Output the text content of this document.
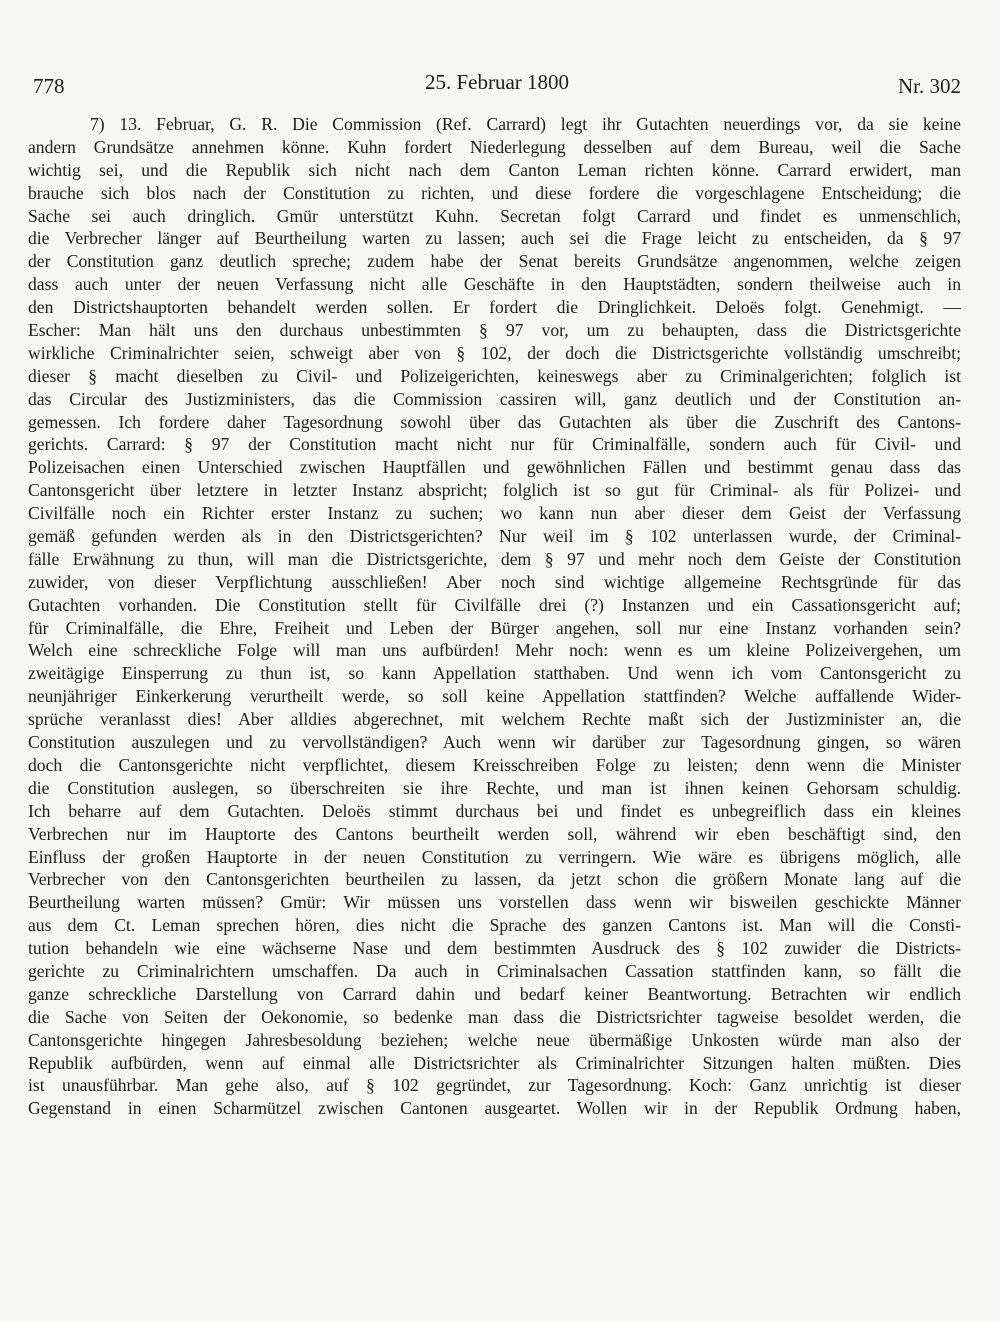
778	25. Februar 1800	Nr. 302
7) 13. Februar, G. R. Die Commission (Ref. Carrard) legt ihr Gutachten neuerdings vor, da sie keine
andern Grundsätze annehmen könne. Kuhn fordert Niederlegung desselben auf dem Bureau, weil die Sache
wichtig sei, und die Republik sich nicht nach dem Canton Leman richten könne. Carrard erwidert, man
brauche sich blos nach der Constitution zu richten, und diese fordere die vorgeschlagene Entscheidung; die
Sache sei auch dringlich. Gmür unterstützt Kuhn. Secretan folgt Carrard und findet es unmenschlich,
die Verbrecher länger auf Beurtheilung warten zu lassen; auch sei die Frage leicht zu entscheiden, da § 97
der Constitution ganz deutlich spreche; zudem habe der Senat bereits Grundsätze angenommen, welche zeigen
dass auch unter der neuen Verfassung nicht alle Geschäfte in den Hauptstädten, sondern theilweise auch in
den Districtshauptorten behandelt werden sollen. Er fordert die Dringlichkeit. Deloës folgt. Genehmigt. —
Escher: Man hält uns den durchaus unbestimmten § 97 vor, um zu behaupten, dass die Districtsgerichte
wirkliche Criminalrichter seien, schweigt aber von § 102, der doch die Districtsgerichte vollständig umschreibt;
dieser § macht dieselben zu Civil- und Polizeigerichten, keineswegs aber zu Criminalgerichten; folglich ist
das Circular des Justizministers, das die Commission cassiren will, ganz deutlich und der Constitution an-
gemessen. Ich fordere daher Tagesordnung sowohl über das Gutachten als über die Zuschrift des Cantons-
gerichts. Carrard: § 97 der Constitution macht nicht nur für Criminalfälle, sondern auch für Civil- und
Polizeisachen einen Unterschied zwischen Hauptfällen und gewöhnlichen Fällen und bestimmt genau dass das
Cantonsgericht über letztere in letzter Instanz abspricht; folglich ist so gut für Criminal- als für Polizei- und
Civilfälle noch ein Richter erster Instanz zu suchen; wo kann nun aber dieser dem Geist der Verfassung
gemäß gefunden werden als in den Districtsgerichten? Nur weil im § 102 unterlassen wurde, der Criminal-
fälle Erwähnung zu thun, will man die Districtsgerichte, dem § 97 und mehr noch dem Geiste der Constitution
zuwider, von dieser Verpflichtung ausschließen! Aber noch sind wichtige allgemeine Rechtsgründe für das
Gutachten vorhanden. Die Constitution stellt für Civilfälle drei (?) Instanzen und ein Cassationsgericht auf;
für Criminalfälle, die Ehre, Freiheit und Leben der Bürger angehen, soll nur eine Instanz vorhanden sein?
Welch eine schreckliche Folge will man uns aufbürden! Mehr noch: wenn es um kleine Polizeivergehen, um
zweitägige Einsperrung zu thun ist, so kann Appellation statthaben. Und wenn ich vom Cantonsgericht zu
neunjähriger Einkerkerung verurtheilt werde, so soll keine Appellation stattfinden? Welche auffallende Wider-
sprüche veranlasst dies! Aber alldies abgerechnet, mit welchem Rechte maßt sich der Justizminister an, die
Constitution auszulegen und zu vervollständigen? Auch wenn wir darüber zur Tagesordnung gingen, so wären
doch die Cantonsgerichte nicht verpflichtet, diesem Kreisschreiben Folge zu leisten; denn wenn die Minister
die Constitution auslegen, so überschreiten sie ihre Rechte, und man ist ihnen keinen Gehorsam schuldig.
Ich beharre auf dem Gutachten. Deloës stimmt durchaus bei und findet es unbegreiflich dass ein kleines
Verbrechen nur im Hauptorte des Cantons beurtheilt werden soll, während wir eben beschäftigt sind, den
Einfluss der großen Hauptorte in der neuen Constitution zu verringern. Wie wäre es übrigens möglich, alle
Verbrecher von den Cantonsgerichten beurtheilen zu lassen, da jetzt schon die größern Monate lang auf die
Beurtheilung warten müssen? Gmür: Wir müssen uns vorstellen dass wenn wir bisweilen geschickte Männer
aus dem Ct. Leman sprechen hören, dies nicht die Sprache des ganzen Cantons ist. Man will die Consti-
tution behandeln wie eine wächserne Nase und dem bestimmten Ausdruck des § 102 zuwider die Districts-
gerichte zu Criminalrichtern umschaffen. Da auch in Criminalsachen Cassation stattfinden kann, so fällt die
ganze schreckliche Darstellung von Carrard dahin und bedarf keiner Beantwortung. Betrachten wir endlich
die Sache von Seiten der Oekonomie, so bedenke man dass die Districtsrichter tagweise besoldet werden, die
Cantonsgerichte hingegen Jahresbesoldung beziehen; welche neue übermäßige Unkosten würde man also der
Republik aufbürden, wenn auf einmal alle Districtsrichter als Criminalrichter Sitzungen halten müßten. Dies
ist unausführbar. Man gehe also, auf § 102 gegründet, zur Tagesordnung. Koch: Ganz unrichtig ist dieser
Gegenstand in einen Scharmützel zwischen Cantonen ausgeartet. Wollen wir in der Republik Ordnung haben,
